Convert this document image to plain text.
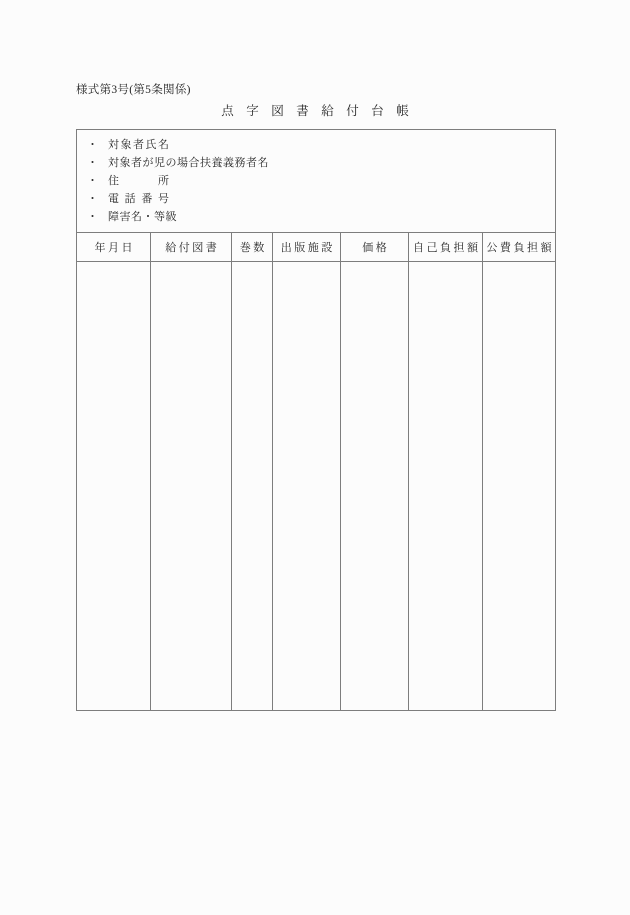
様式第3号(第5条関係)
点字図書給付台帳
・ 対象者氏名
・ 対象者が児の場合扶養義務者名
・ 住所
・ 電話番号
・ 障害名・等級
年月日	給付図書	巻数	出版施設	価格	自己負担額	公費負担額
